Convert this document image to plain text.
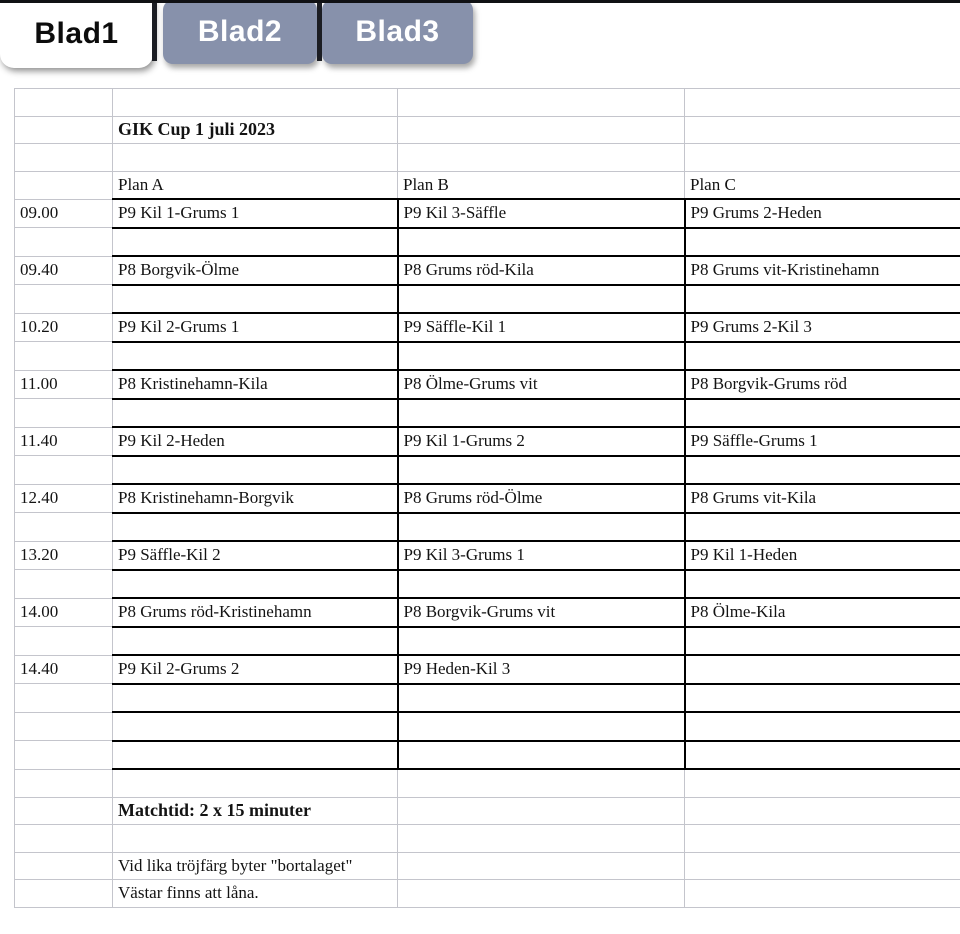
Blad1	Blad2	Blad3

	GIK Cup 1 juli 2023		

	Plan A	Plan B	Plan C
09.00	P9 Kil 1-Grums 1	P9 Kil 3-Säffle	P9 Grums 2-Heden

09.40	P8 Borgvik-Ölme	P8 Grums röd-Kila	P8 Grums vit-Kristinehamn

10.20	P9 Kil 2-Grums 1	P9 Säffle-Kil 1	P9 Grums 2-Kil 3

11.00	P8 Kristinehamn-Kila	P8 Ölme-Grums vit	P8 Borgvik-Grums röd

11.40	P9 Kil 2-Heden	P9 Kil 1-Grums 2	P9 Säffle-Grums 1

12.40	P8 Kristinehamn-Borgvik	P8 Grums röd-Ölme	P8 Grums vit-Kila

13.20	P9 Säffle-Kil 2	P9 Kil 3-Grums 1	P9 Kil 1-Heden

14.00	P8 Grums röd-Kristinehamn	P8 Borgvik-Grums vit	P8 Ölme-Kila

14.40	P9 Kil 2-Grums 2	P9 Heden-Kil 3	

	Matchtid: 2 x 15 minuter		

	Vid lika tröjfärg byter "bortalaget"		
	Västar finns att låna.		
